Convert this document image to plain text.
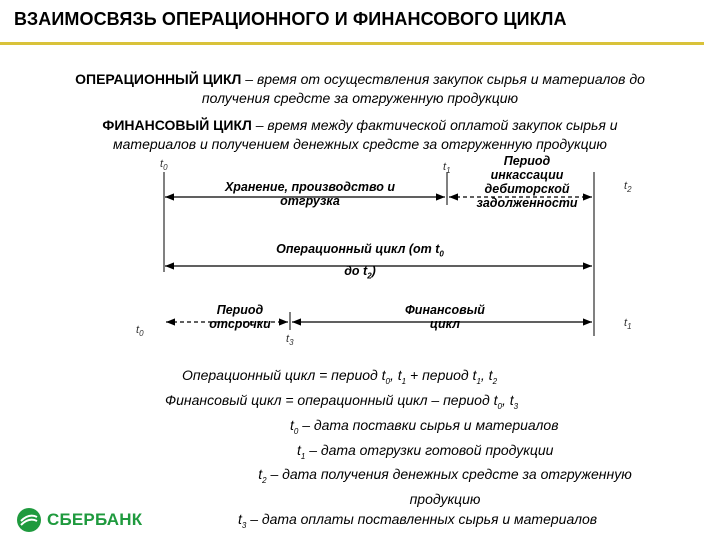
ВЗАИМОСВЯЗЬ ОПЕРАЦИОННОГО И ФИНАНСОВОГО ЦИКЛА
ОПЕРАЦИОННЫЙ ЦИКЛ – время от осуществления закупок сырья и материалов до
получения средсте за отгруженную продукцию
ФИНАНСОВЫЙ ЦИКЛ – время между фактической оплатой закупок сырья и
материалов и получением денежных средсте за отгруженную продукцию
$t_0$	$t_1$
$t_2$
Хранение, производство и
отгрузка
Период
инкассации
дебиторской
задолженности
Операционный цикл (от $t_0$
до $t_2$)
$t_0$
Период
отсрочки
$t_3$
Финансовый
цикл	$t_1$
Операционный цикл = период $t_0$, $t_1$ + период $t_1$, $t_2$
Финансовый цикл = операционный цикл – период $t_0$, $t_3$
$t_0$ – дата поставки сырья и материалов
$t_1$ – дата отгрузки готовой продукции
$t_2$ – дата получения денежных средсте за отгруженную
продукцию
$t_3$ – дата оплаты поставленных сырья и материалов
СБЕРБАНК
